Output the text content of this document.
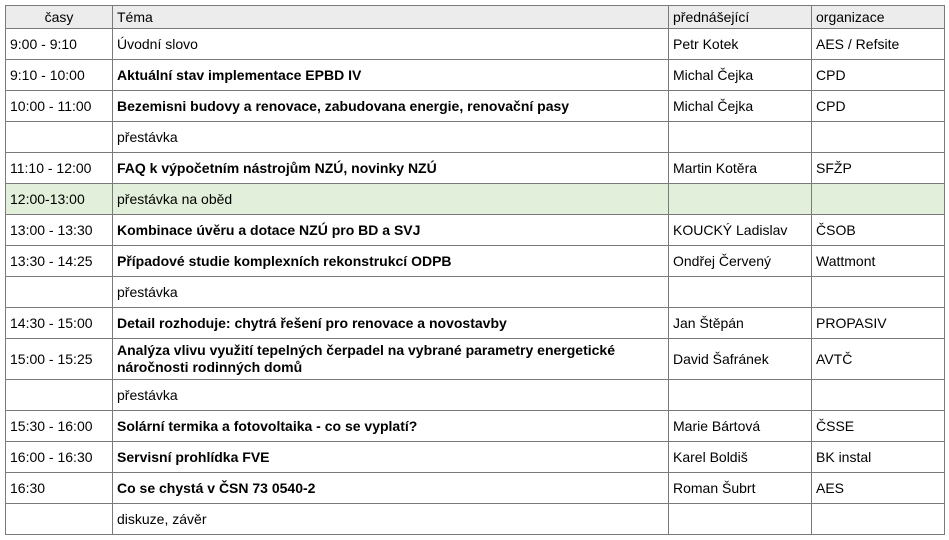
časy	Téma	přednášející	organizace
9:00 - 9:10	Úvodní slovo	Petr Kotek	AES / Refsite
9:10 - 10:00	Aktuální stav implementace EPBD IV	Michal Čejka	CPD
10:00 - 11:00	Bezemisni budovy a renovace, zabudovana energie, renovační pasy	Michal Čejka	CPD
	přestávka		
11:10 - 12:00	FAQ k výpočetním nástrojům NZÚ, novinky NZÚ	Martin Kotěra	SFŽP
12:00-13:00	přestávka na oběd		
13:00 - 13:30	Kombinace úvěru a dotace NZÚ pro BD a SVJ	KOUCKÝ Ladislav	ČSOB
13:30 - 14:25	Případové studie komplexních rekonstrukcí ODPB	Ondřej Červený	Wattmont
	přestávka		
14:30 - 15:00	Detail rozhoduje: chytrá řešení pro renovace a novostavby	Jan Štěpán	PROPASIV
15:00 - 15:25	Analýza vlivu využití tepelných čerpadel na vybrané parametry energetické náročnosti rodinných domů	David Šafránek	AVTČ
	přestávka		
15:30 - 16:00	Solární termika a fotovoltaika - co se vyplatí?	Marie Bártová	ČSSE
16:00 - 16:30	Servisní prohlídka FVE	Karel Boldiš	BK instal
16:30	Co se chystá v ČSN 73 0540-2	Roman Šubrt	AES
	diskuze, závěr		
